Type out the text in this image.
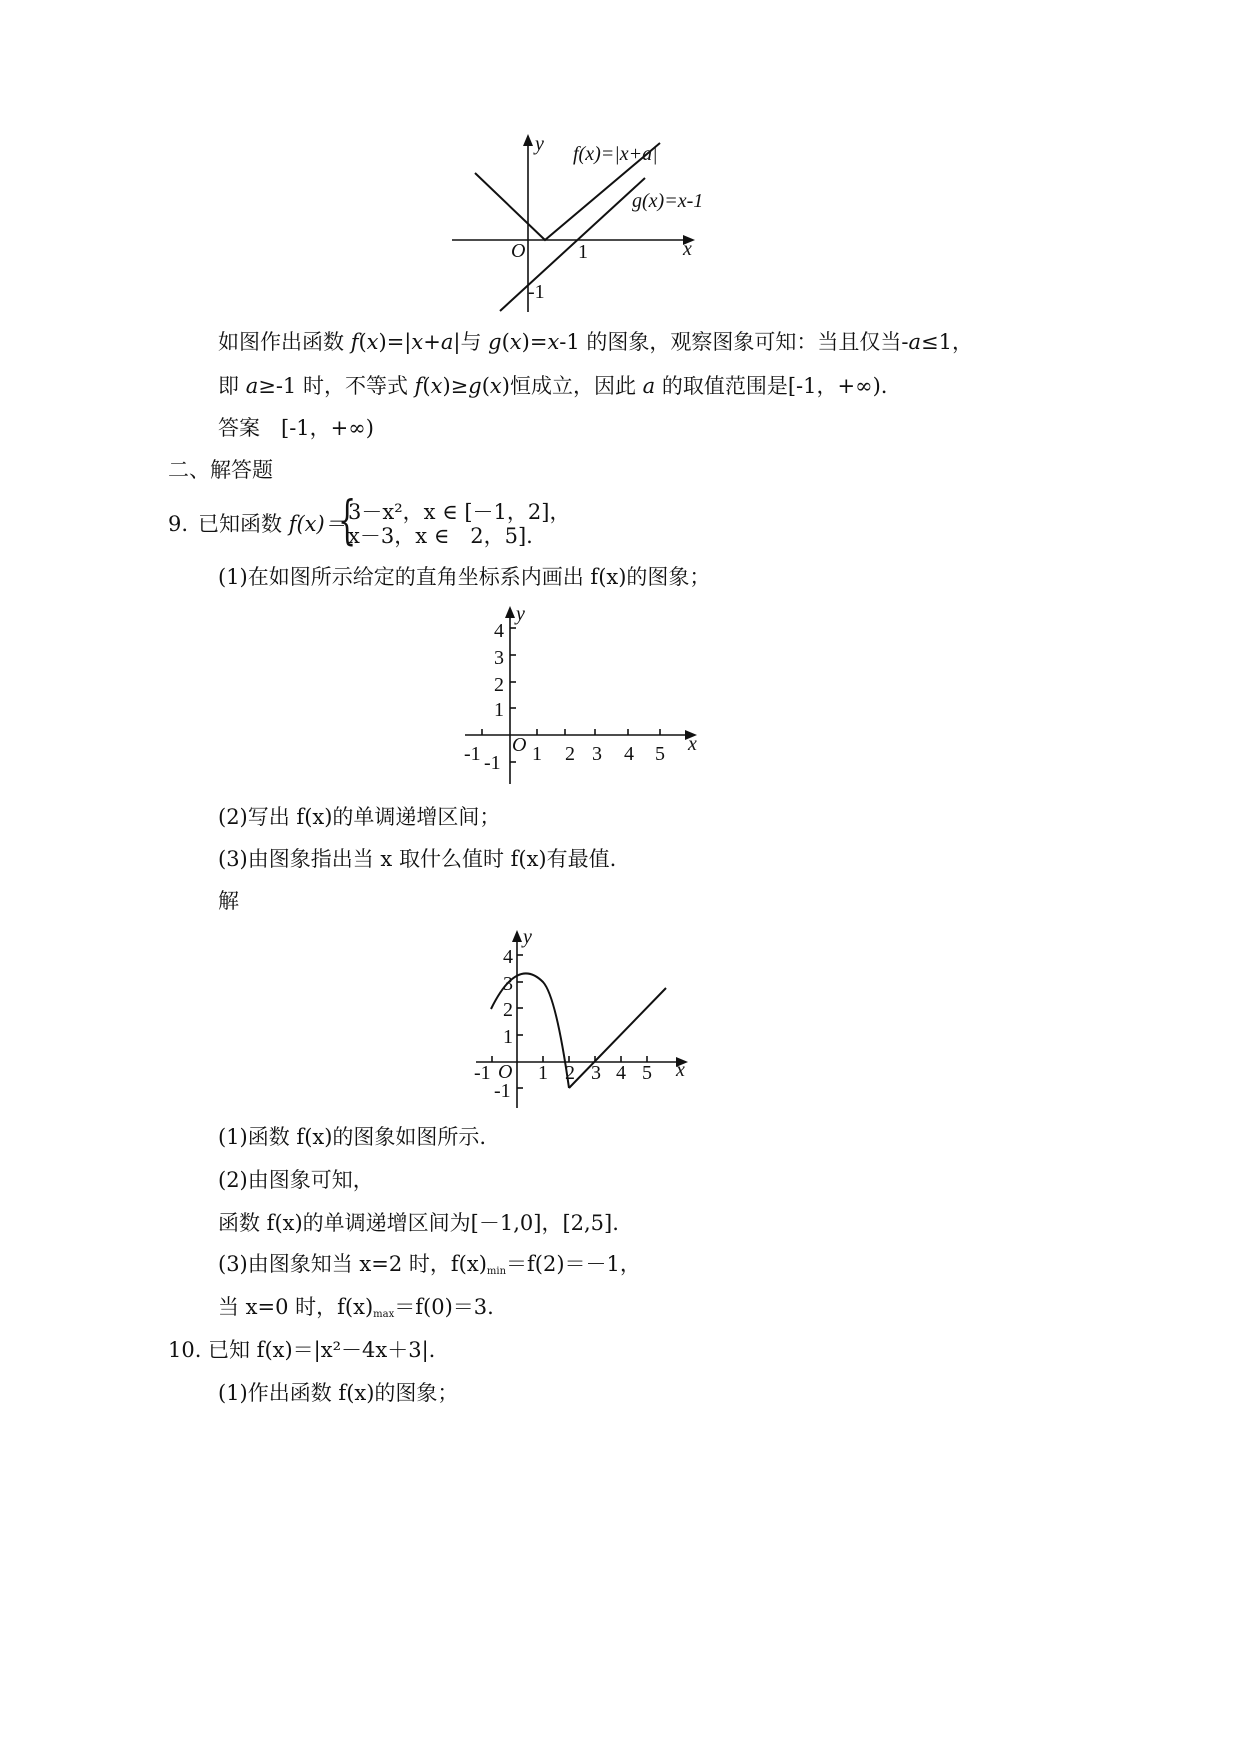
y
x
O	1
-1
f(x)=|x+a|
g(x)=x-1
如图作出函数 f(x)=|x+a|与 g(x)=x-1 的图象，观察图象可知：当且仅当-a≤1，
即 a≥-1 时，不等式 f(x)≥g(x)恒成立，因此 a 的取值范围是[-1，+∞).
答案　[-1，+∞)
二、解答题
9. 已知函数 f(x)＝
{
3－x²，x ∈ [－1，2]，
x－3，x ∈　2，5].
(1)在如图所示给定的直角坐标系内画出 f(x)的图象；
y
x
O
4
3
2
1
-1
-1	1 2 3 4 5
(2)写出 f(x)的单调递增区间；
(3)由图象指出当 x 取什么值时 f(x)有最值.
解
y
x
O
4
3
2
1
-1
-1 1 2 3 4 5
(1)函数 f(x)的图象如图所示.
(2)由图象可知，
函数 f(x)的单调递增区间为[－1,0]，[2,5].
(3)由图象知当 x=2 时，$f(x)_{min}=f(2)=-1$，
当 x=0 时，$f(x)_{max}=f(0)=3$.
10. 已知 f(x)＝|x²－4x＋3|.
(1)作出函数 f(x)的图象；
